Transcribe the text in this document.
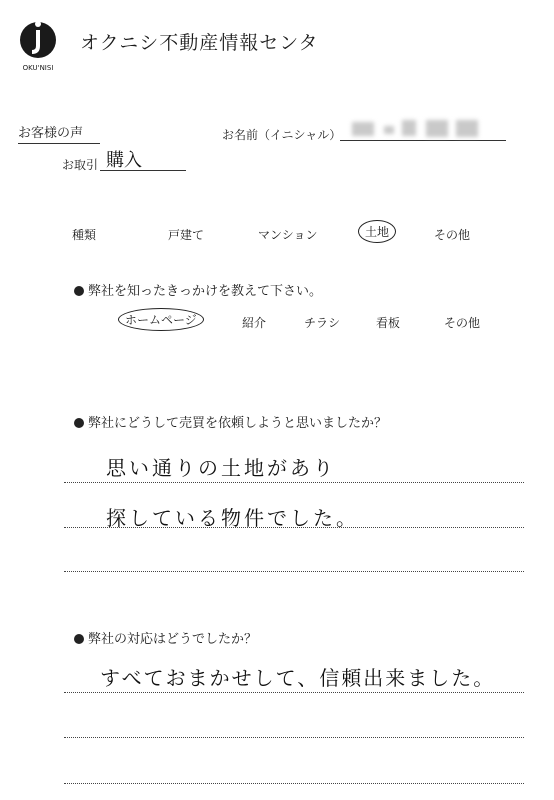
OKU'NISI
オクニシ不動産情報センタ
お客様の声	お名前（イニシャル）
お取引 購入
種類	戸建て	マンション	土地	その他
弊社を知ったきっかけを教えて下さい。
ホームページ	紹介	チラシ	看板	その他
弊社にどうして売買を依頼しようと思いましたか？
思い通りの土地があり
探している物件でした。
弊社の対応はどうでしたか？
すべておまかせして、信頼出来ました。
